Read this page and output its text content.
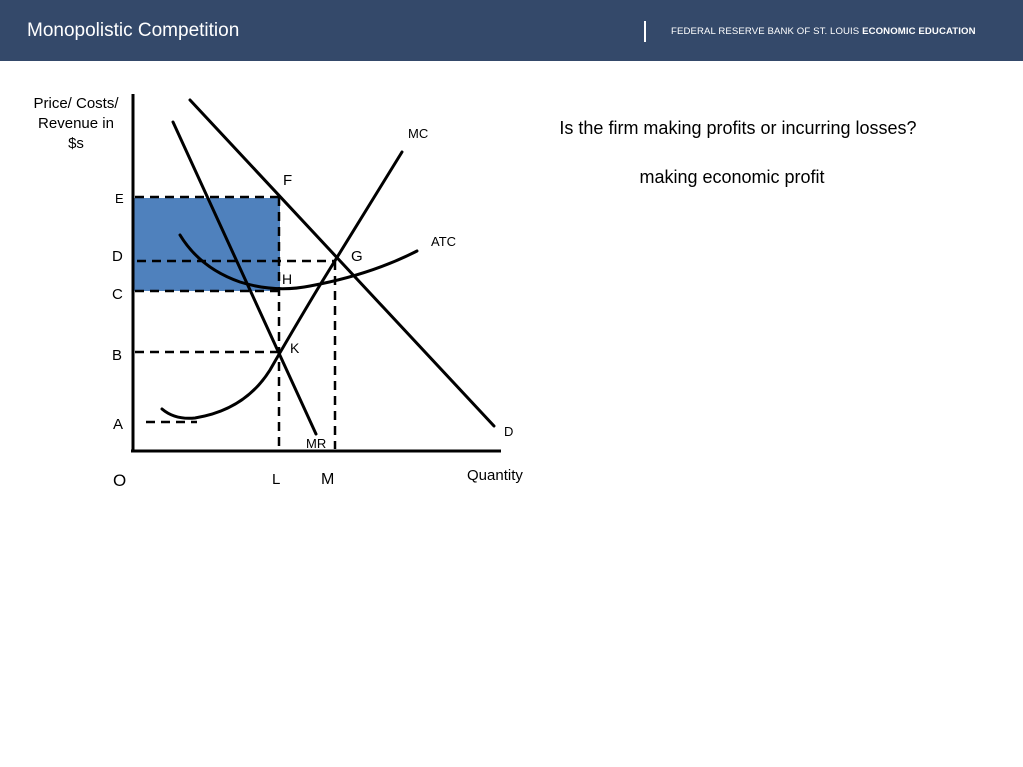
Monopolistic Competition	FEDERAL RESERVE BANK OF ST. LOUIS ECONOMIC EDUCATION
Price/ Costs/ Revenue in $s
E
D
C
B
A
O	L	M	Quantity
F
G
H
K
MC
ATC
MR
D
Is the firm making profits or incurring losses?
making economic profit
